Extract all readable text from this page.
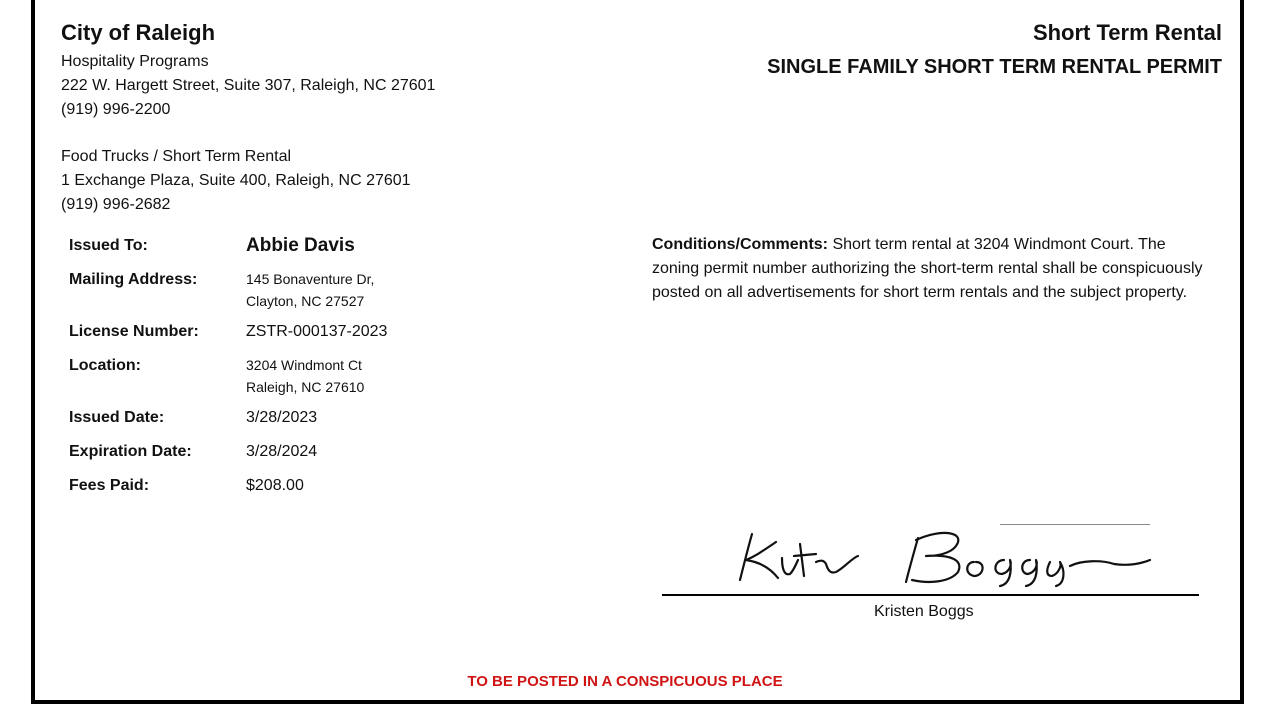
City of Raleigh
Hospitality Programs
222 W. Hargett Street, Suite 307, Raleigh, NC 27601
(919) 996-2200
Food Trucks / Short Term Rental
1 Exchange Plaza, Suite 400, Raleigh, NC 27601
(919) 996-2682
Short Term Rental
SINGLE FAMILY SHORT TERM RENTAL PERMIT
Issued To:	Abbie Davis
Mailing Address:	145 Bonaventure Dr,
Clayton, NC 27527
License Number:	ZSTR-000137-2023
Location:	3204 Windmont Ct
Raleigh, NC 27610
Issued Date:	3/28/2023
Expiration Date:	3/28/2024
Fees Paid:	$208.00
Conditions/Comments: Short term rental at 3204 Windmont Court. The zoning permit number authorizing the short-term rental shall be conspicuously posted on all advertisements for short term rentals and the subject property.
Kristen Boggs
TO BE POSTED IN A CONSPICUOUS PLACE
